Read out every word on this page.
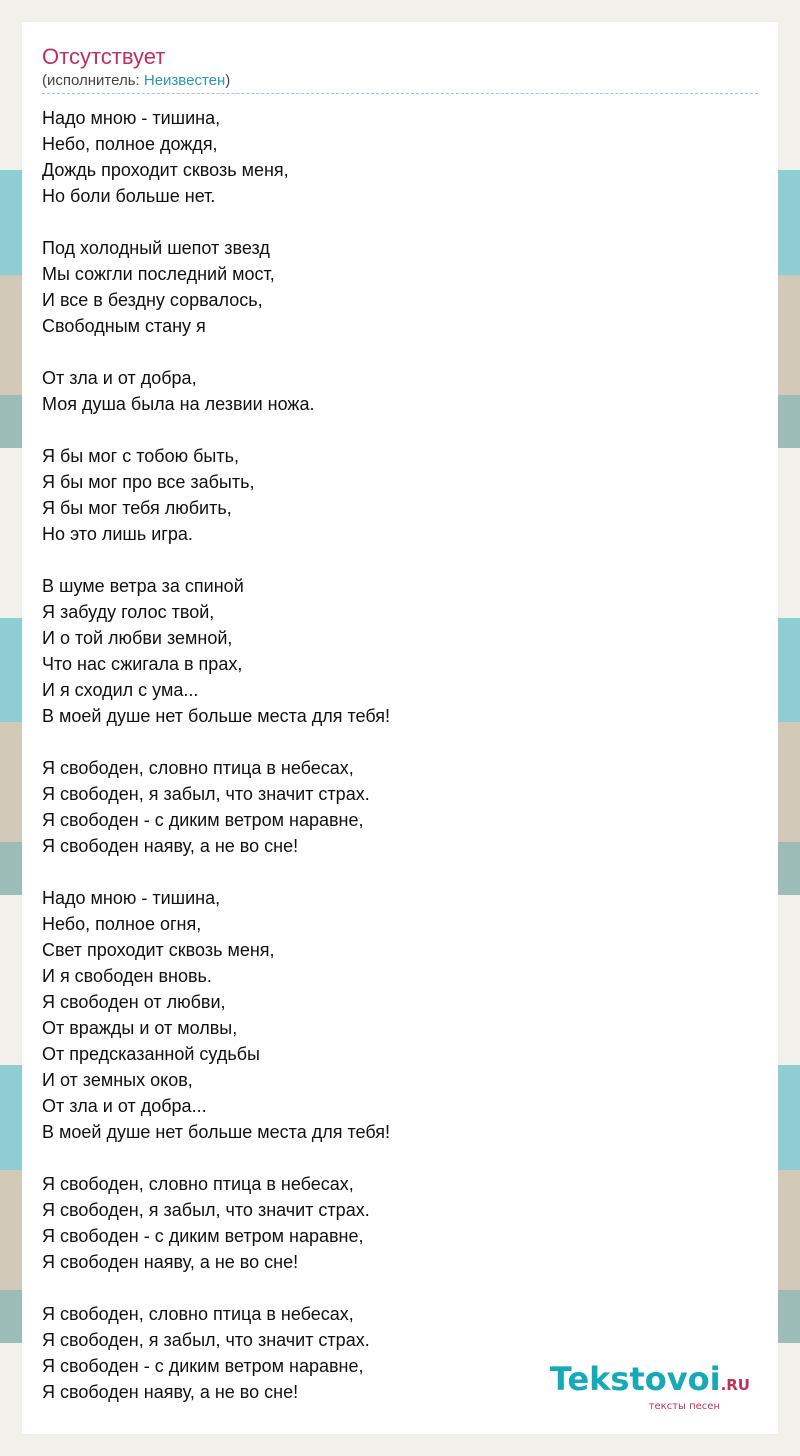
Отсутствует
(исполнитель: Неизвестен)
Надо мною - тишина,
Небо, полное дождя,
Дождь проходит сквозь меня,
Но боли больше нет.
Под холодный шепот звезд
Мы сожгли последний мост,
И все в бездну сорвалось,
Свободным стану я
От зла и от добра,
Моя душа была на лезвии ножа.
Я бы мог с тобою быть,
Я бы мог про все забыть,
Я бы мог тебя любить,
Но это лишь игра.
В шуме ветра за спиной
Я забуду голос твой,
И о той любви земной,
Что нас сжигала в прах,
И я сходил с ума...
В моей душе нет больше места для тебя!
Я свободен, словно птица в небесах,
Я свободен, я забыл, что значит страх.
Я свободен - с диким ветром наравне,
Я свободен наяву, а не во сне!
Надо мною - тишина,
Небо, полное огня,
Свет проходит сквозь меня,
И я свободен вновь.
Я свободен от любви,
От вражды и от молвы,
От предсказанной судьбы
И от земных оков,
От зла и от добра...
В моей душе нет больше места для тебя!
Я свободен, словно птица в небесах,
Я свободен, я забыл, что значит страх.
Я свободен - с диким ветром наравне,
Я свободен наяву, а не во сне!
Я свободен, словно птица в небесах,
Я свободен, я забыл, что значит страх.
Я свободен - с диким ветром наравне,
Я свободен наяву, а не во сне!	Tekstovoi.RU
тексты песен
